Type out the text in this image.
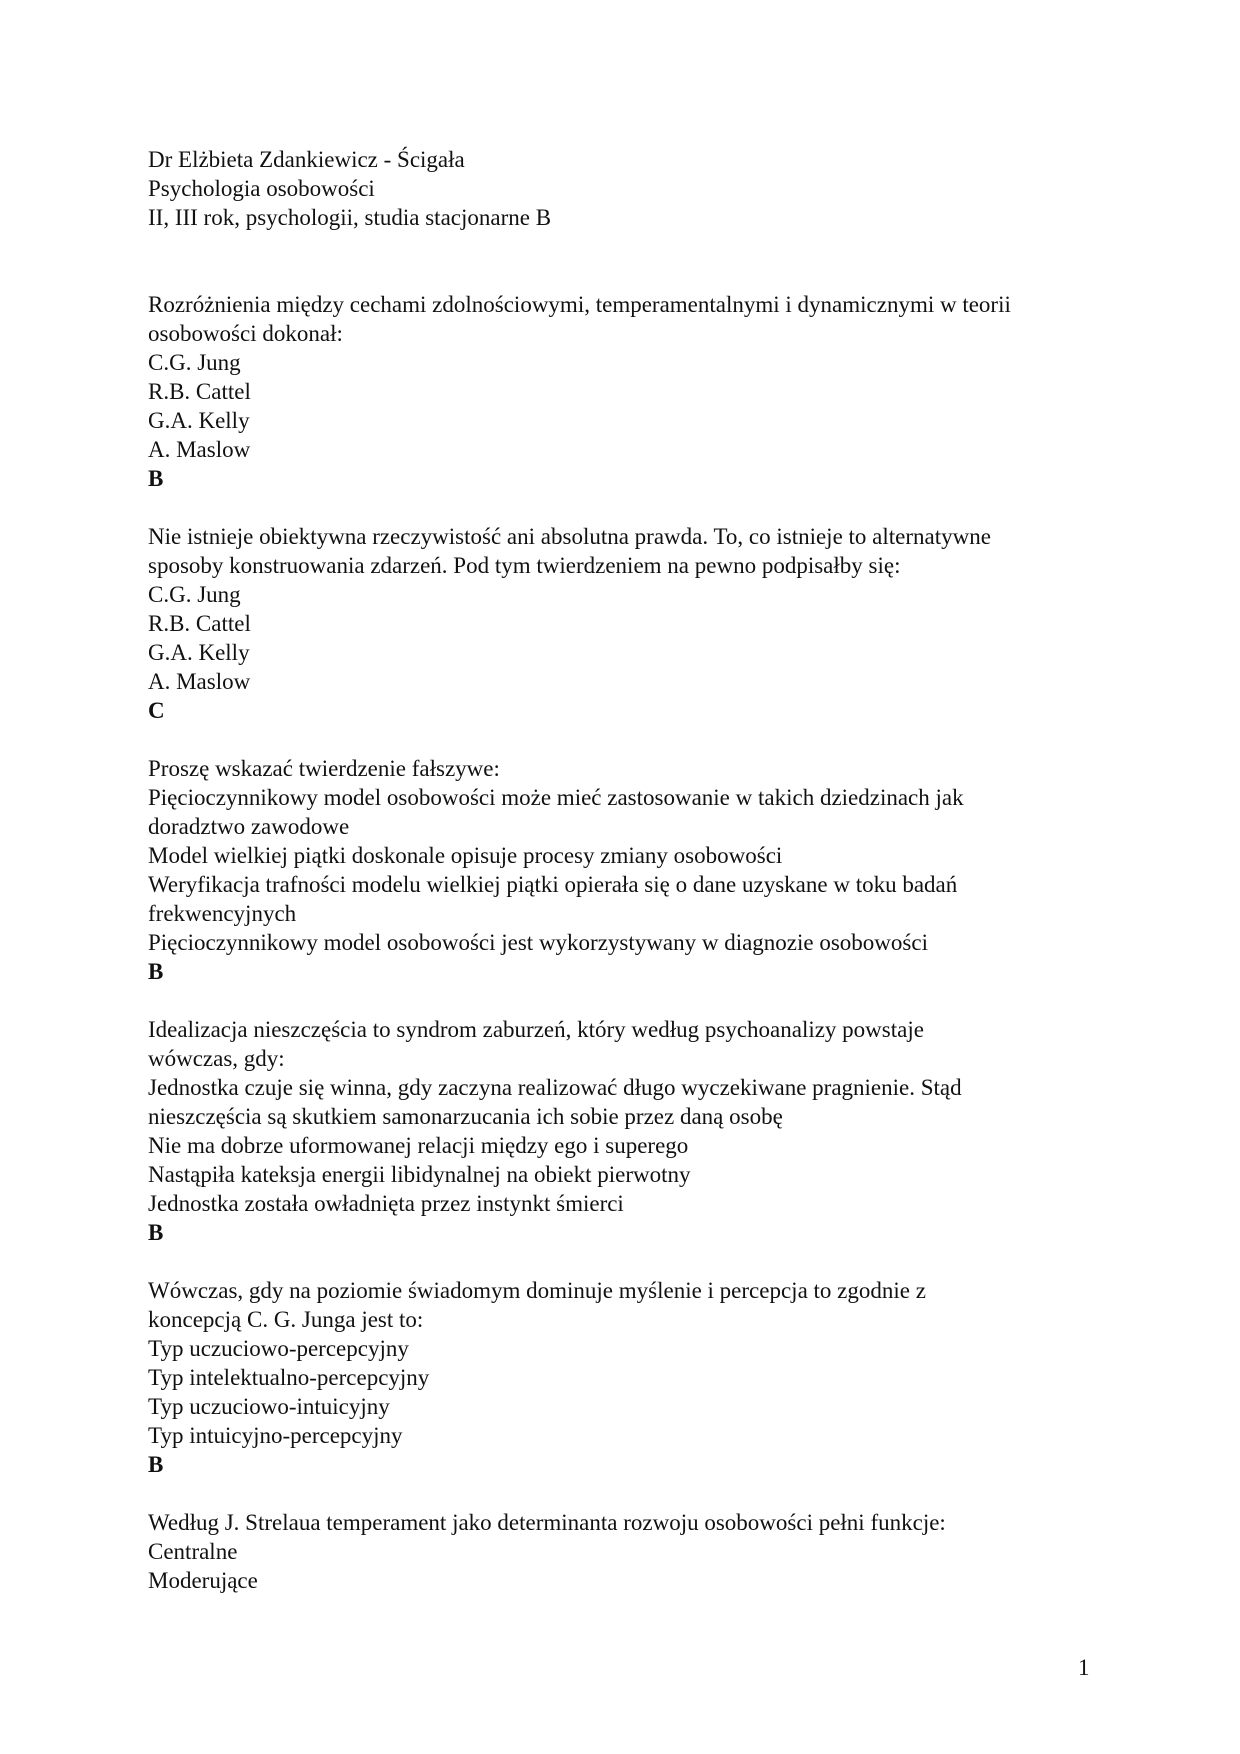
Dr Elżbieta Zdankiewicz - Ścigała
Psychologia osobowości
II, III rok, psychologii, studia stacjonarne B
Rozróżnienia między cechami zdolnościowymi, temperamentalnymi i dynamicznymi w teorii
osobowości dokonał:
C.G. Jung
R.B. Cattel
G.A. Kelly
A. Maslow
B
Nie istnieje obiektywna rzeczywistość ani absolutna prawda. To, co istnieje to alternatywne
sposoby konstruowania zdarzeń. Pod tym twierdzeniem na pewno podpisałby się:
C.G. Jung
R.B. Cattel
G.A. Kelly
A. Maslow
C
Proszę wskazać twierdzenie fałszywe:
Pięcioczynnikowy model osobowości może mieć zastosowanie w takich dziedzinach jak
doradztwo zawodowe
Model wielkiej piątki doskonale opisuje procesy zmiany osobowości
Weryfikacja trafności modelu wielkiej piątki opierała się o dane uzyskane w toku badań
frekwencyjnych
Pięcioczynnikowy model osobowości jest wykorzystywany w diagnozie osobowości
B
Idealizacja nieszczęścia to syndrom zaburzeń, który według psychoanalizy powstaje
wówczas, gdy:
Jednostka czuje się winna, gdy zaczyna realizować długo wyczekiwane pragnienie. Stąd
nieszczęścia są skutkiem samonarzucania ich sobie przez daną osobę
Nie ma dobrze uformowanej relacji między ego i superego
Nastąpiła kateksja energii libidynalnej na obiekt pierwotny
Jednostka została owładnięta przez instynkt śmierci
B
Wówczas, gdy na poziomie świadomym dominuje myślenie i percepcja to zgodnie z
koncepcją C. G. Junga jest to:
Typ uczuciowo-percepcyjny
Typ intelektualno-percepcyjny
Typ uczuciowo-intuicyjny
Typ intuicyjno-percepcyjny
B
Według J. Strelaua temperament jako determinanta rozwoju osobowości pełni funkcje:
Centralne
Moderujące
1
